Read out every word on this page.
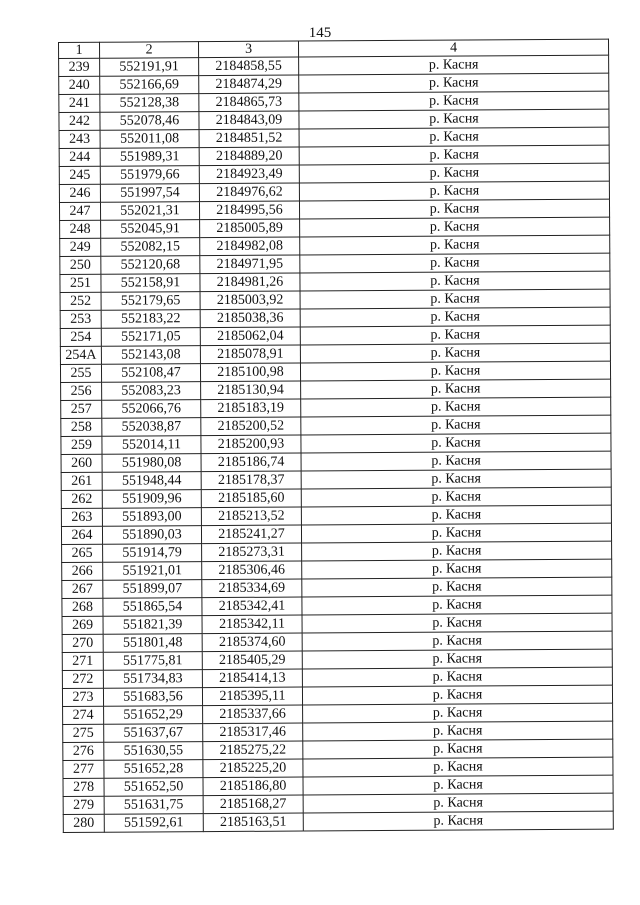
145
1	2	3	4
239	552191,91	2184858,55	р. Касня
240	552166,69	2184874,29	р. Касня
241	552128,38	2184865,73	р. Касня
242	552078,46	2184843,09	р. Касня
243	552011,08	2184851,52	р. Касня
244	551989,31	2184889,20	р. Касня
245	551979,66	2184923,49	р. Касня
246	551997,54	2184976,62	р. Касня
247	552021,31	2184995,56	р. Касня
248	552045,91	2185005,89	р. Касня
249	552082,15	2184982,08	р. Касня
250	552120,68	2184971,95	р. Касня
251	552158,91	2184981,26	р. Касня
252	552179,65	2185003,92	р. Касня
253	552183,22	2185038,36	р. Касня
254	552171,05	2185062,04	р. Касня
254А	552143,08	2185078,91	р. Касня
255	552108,47	2185100,98	р. Касня
256	552083,23	2185130,94	р. Касня
257	552066,76	2185183,19	р. Касня
258	552038,87	2185200,52	р. Касня
259	552014,11	2185200,93	р. Касня
260	551980,08	2185186,74	р. Касня
261	551948,44	2185178,37	р. Касня
262	551909,96	2185185,60	р. Касня
263	551893,00	2185213,52	р. Касня
264	551890,03	2185241,27	р. Касня
265	551914,79	2185273,31	р. Касня
266	551921,01	2185306,46	р. Касня
267	551899,07	2185334,69	р. Касня
268	551865,54	2185342,41	р. Касня
269	551821,39	2185342,11	р. Касня
270	551801,48	2185374,60	р. Касня
271	551775,81	2185405,29	р. Касня
272	551734,83	2185414,13	р. Касня
273	551683,56	2185395,11	р. Касня
274	551652,29	2185337,66	р. Касня
275	551637,67	2185317,46	р. Касня
276	551630,55	2185275,22	р. Касня
277	551652,28	2185225,20	р. Касня
278	551652,50	2185186,80	р. Касня
279	551631,75	2185168,27	р. Касня
280	551592,61	2185163,51	р. Касня
